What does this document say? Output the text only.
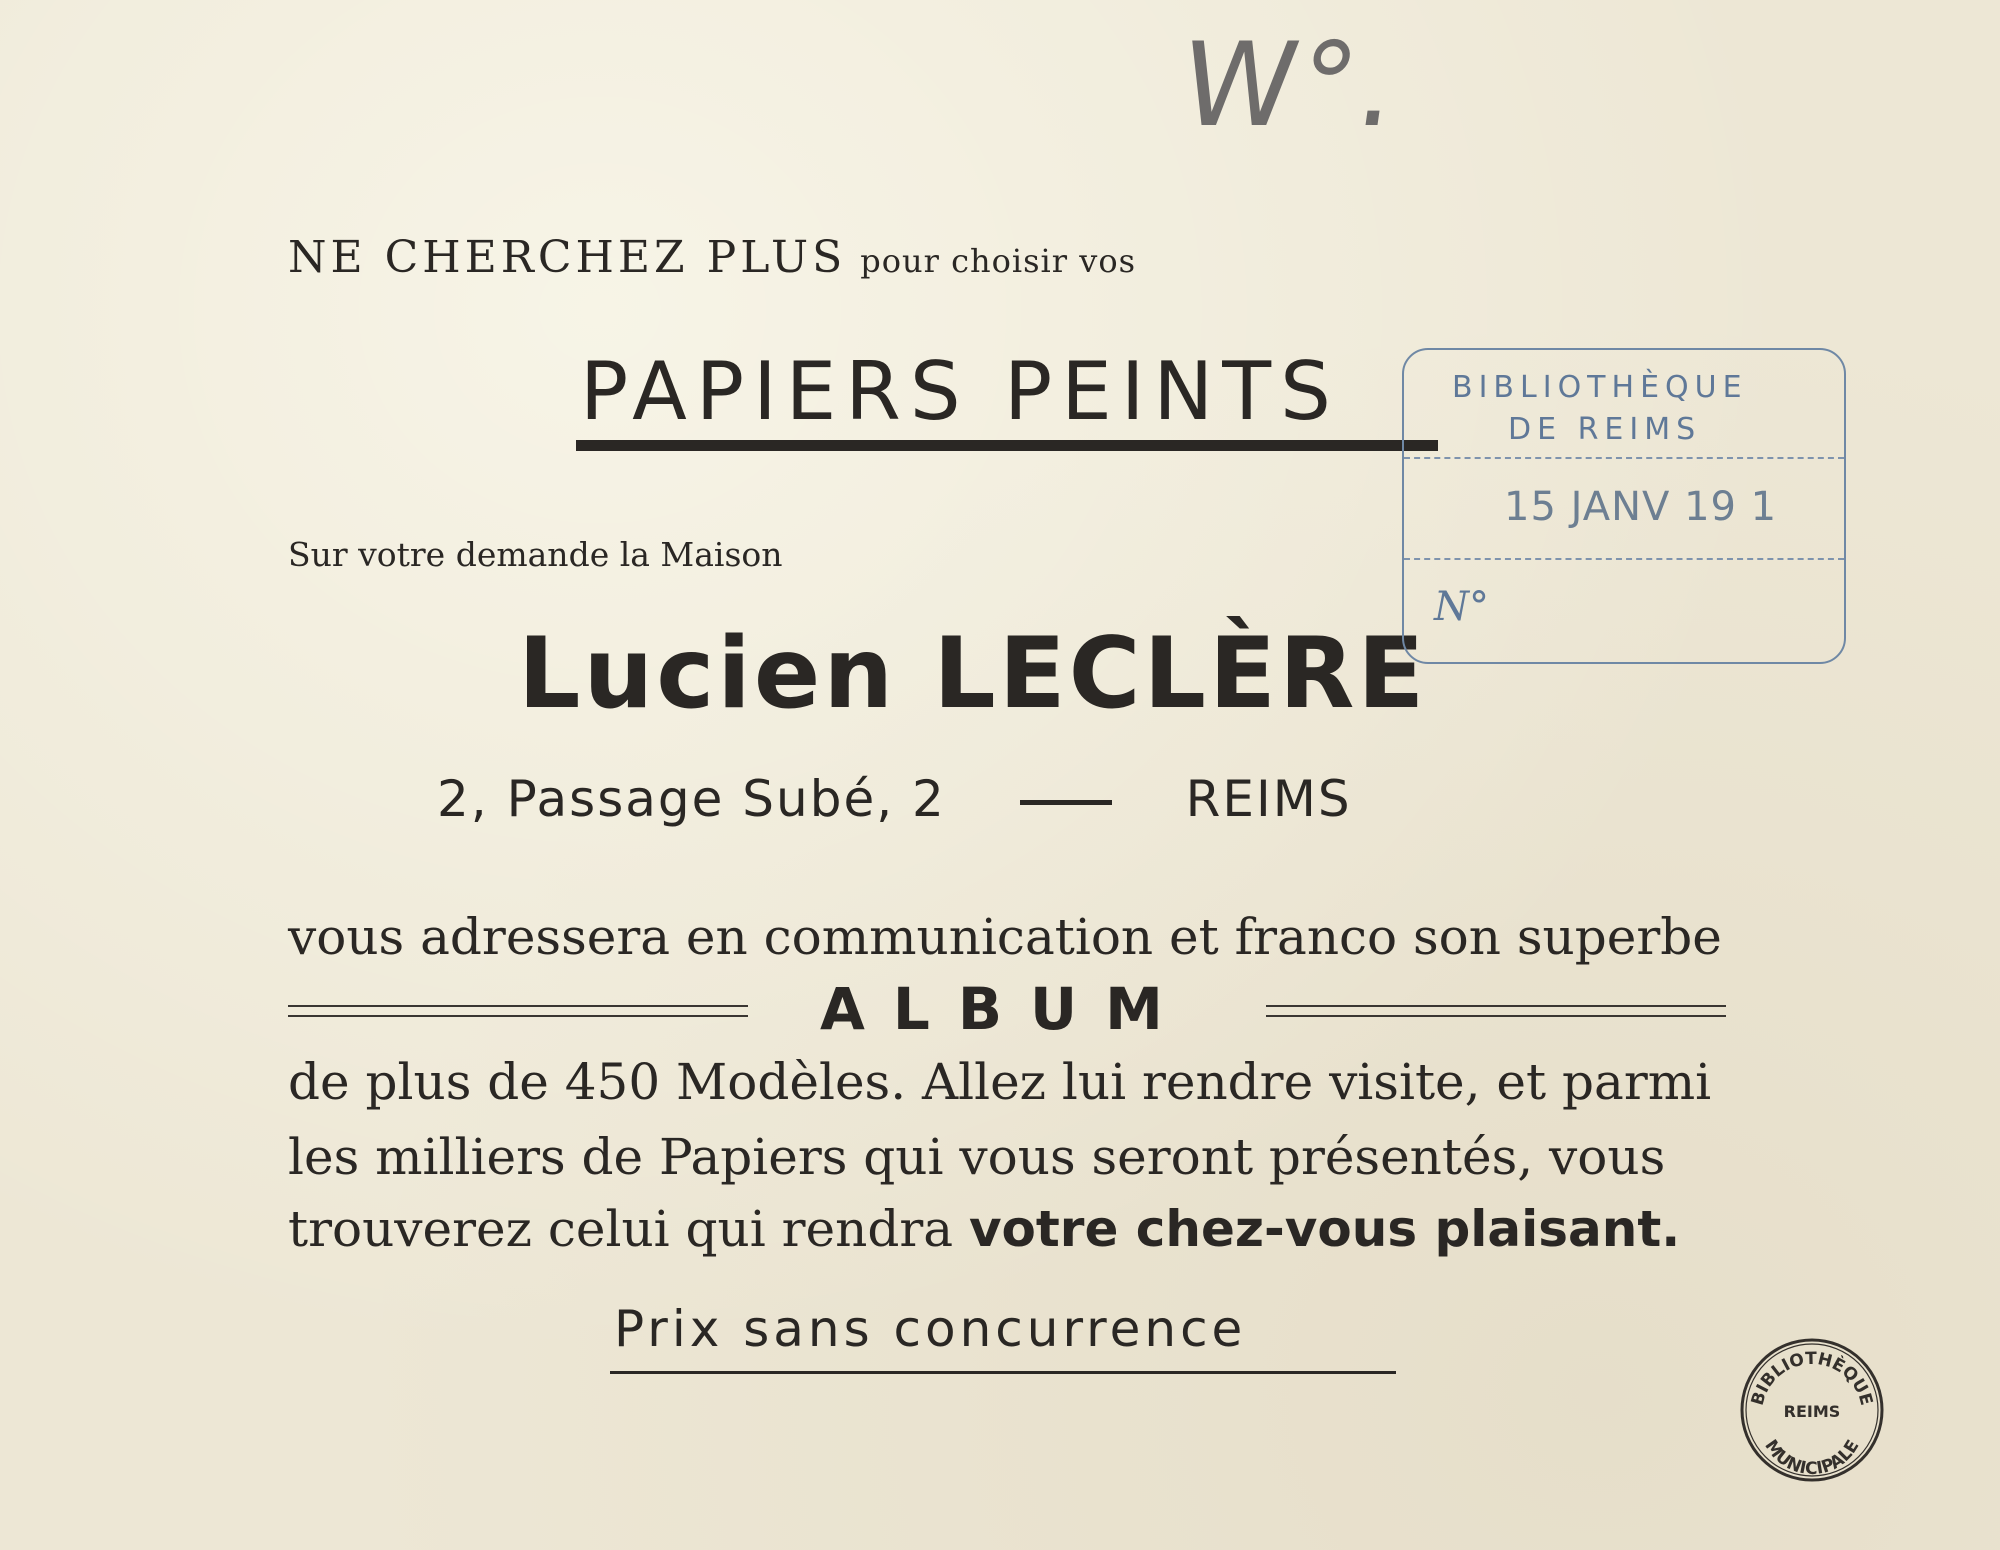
W°.
NE CHERCHEZ PLUS pour choisir vos
PAPIERS PEINTS
Sur votre demande la Maison
Lucien LECLÈRE
2, Passage Subé, 2	REIMS
vous adressera en communication et franco son superbe
ALBUM
de plus de 450 Modèles. Allez lui rendre visite, et parmi
les milliers de Papiers qui vous seront présentés, vous
trouverez celui qui rendra votre chez-vous plaisant.
Prix sans concurrence
BIBLIOTHÈQUE
DE REIMS
15 JANV 19 1
N°
BIBLIOTHÈQUE
REIMS
MUNICIPALE
